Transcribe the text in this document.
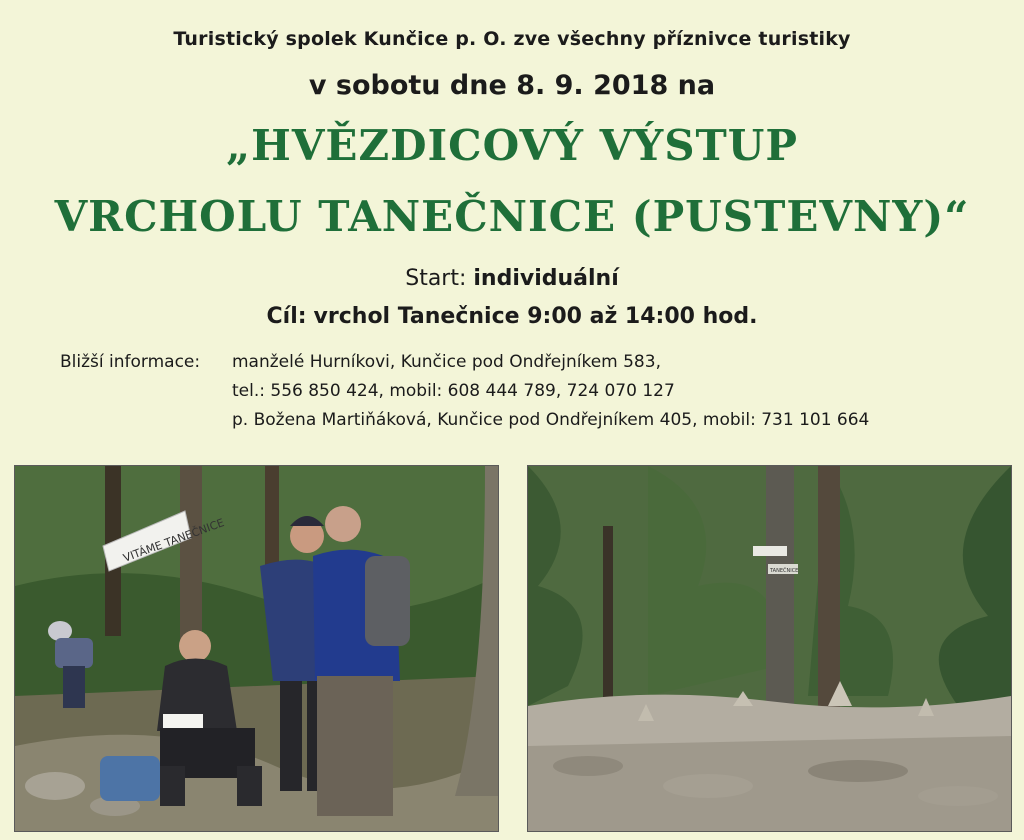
Turistický spolek Kunčice p. O. zve všechny příznivce turistiky
v sobotu dne 8. 9. 2018 na
„HVĚZDICOVÝ VÝSTUP
VRCHOLU TANEČNICE (PUSTEVNY)“
Start: individuální
Cíl: vrchol Tanečnice 9:00 až 14:00 hod.
Bližší informace: manželé Hurníkovi, Kunčice pod Ondřejníkem 583,
tel.: 556 850 424, mobil: 608 444 789, 724 070 127
p. Božena Martiňáková, Kunčice pod Ondřejníkem 405, mobil: 731 101 664
VITÁME TANEČNICE
TANEČNICE
